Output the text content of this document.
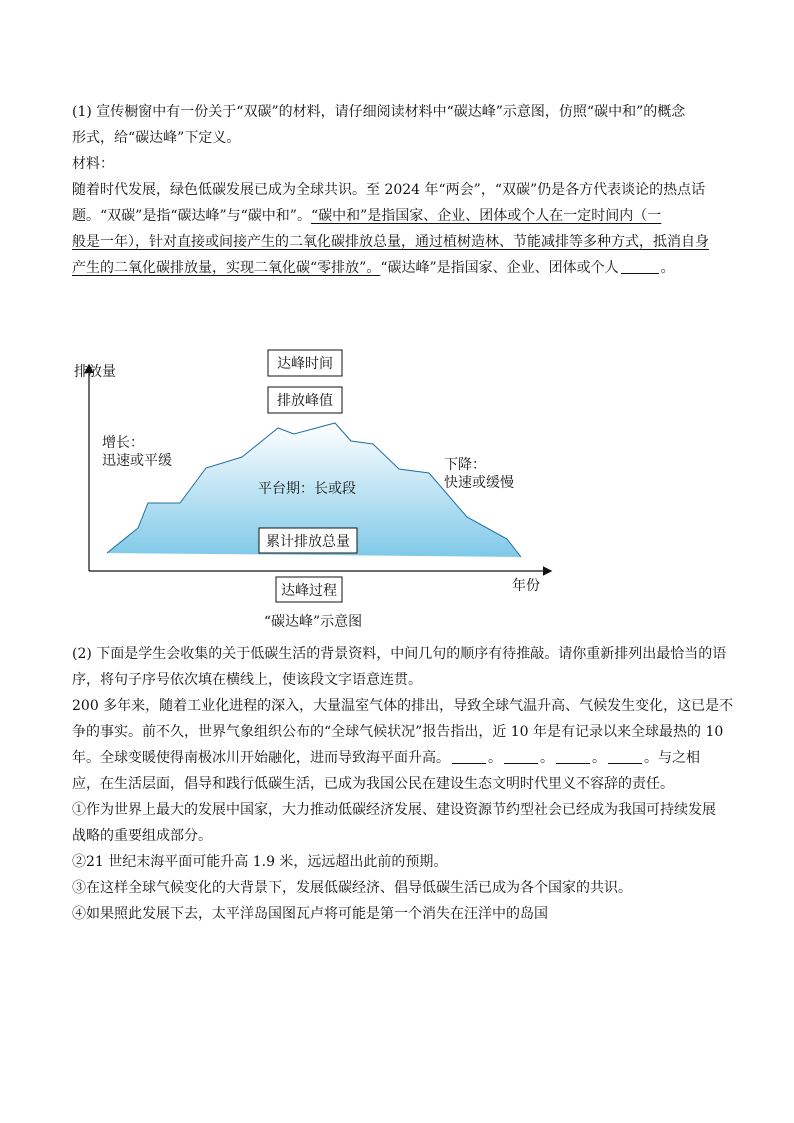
(1) 宣传橱窗中有一份关于“双碳”的材料，请仔细阅读材料中“碳达峰”示意图，仿照“碳中和”的概念
形式，给“碳达峰”下定义。
材料：
随着时代发展，绿色低碳发展已成为全球共识。至 2024 年“两会”，“双碳”仍是各方代表谈论的热点话
题。“双碳”是指“碳达峰”与“碳中和”。“碳中和”是指国家、企业、团体或个人在一定时间内（一
般是一年），针对直接或间接产生的二氧化碳排放总量，通过植树造林、节能减排等多种方式，抵消自身
产生的二氧化碳排放量，实现二氧化碳“零排放”。“碳达峰”是指国家、企业、团体或个人	。
排放量
年份
达峰时间
排放峰值
累计排放总量
达峰过程
增长：
迅速或平缓
平台期：长或段
下降：
快速或缓慢
“碳达峰”示意图
(2) 下面是学生会收集的关于低碳生活的背景资料，中间几句的顺序有待推敲。请你重新排列出最恰当的语
序，将句子序号依次填在横线上，使该段文字语意连贯。
200 多年来，随着工业化进程的深入，大量温室气体的排出，导致全球气温升高、气候发生变化，这已是不
争的事实。前不久，世界气象组织公布的“全球气候状况”报告指出，近 10 年是有记录以来全球最热的 10
年。全球变暖使得南极冰川开始融化，进而导致海平面升高。	。	。	。	。与之相
应，在生活层面，倡导和践行低碳生活，已成为我国公民在建设生态文明时代里义不容辞的责任。
①作为世界上最大的发展中国家，大力推动低碳经济发展、建设资源节约型社会已经成为我国可持续发展
战略的重要组成部分。
②21 世纪末海平面可能升高 1.9 米，远远超出此前的预期。
③在这样全球气候变化的大背景下，发展低碳经济、倡导低碳生活已成为各个国家的共识。
④如果照此发展下去，太平洋岛国图瓦卢将可能是第一个消失在汪洋中的岛国
